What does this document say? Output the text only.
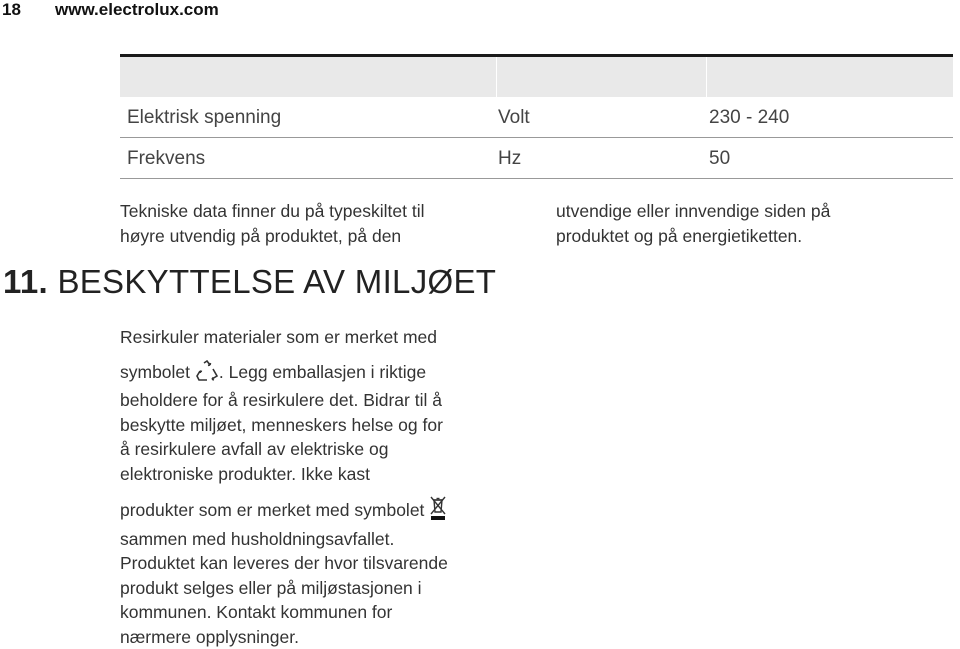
18 www.electrolux.com
Elektrisk spenning	Volt	230 - 240
Frekvens	Hz	50
Tekniske data finner du på typeskiltet til
høyre utvendig på produktet, på den
utvendige eller innvendige siden på
produktet og på energietiketten.
11. BESKYTTELSE AV MILJØET
Resirkuler materialer som er merket med
symbolet . Legg emballasjen i riktige
beholdere for å resirkulere det. Bidrar til å
beskytte miljøet, menneskers helse og for
å resirkulere avfall av elektriske og
elektroniske produkter. Ikke kast
produkter som er merket med symbolet
sammen med husholdningsavfallet.
Produktet kan leveres der hvor tilsvarende
produkt selges eller på miljøstasjonen i
kommunen. Kontakt kommunen for
nærmere opplysninger.
